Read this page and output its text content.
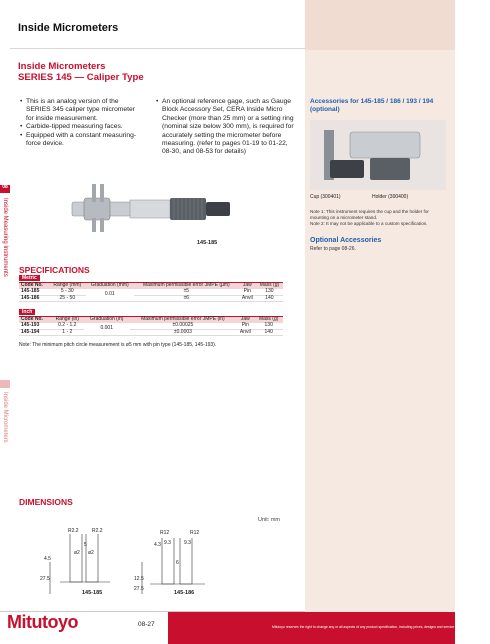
Inside Micrometers
Inside Micrometers
SERIES 145 — Caliper Type
• This is an analog version of the SERIES 345 caliper type micrometer for inside measurement.
• Carbide-tipped measuring faces.
• Equipped with a constant measuring-force device.
• An optional reference gage, such as Gauge Block Accessory Set, CERA Inside Micro Checker (more than 25 mm) or a setting ring (nominal size below 300 mm), is required for accurately setting the micrometer before measuring. (refer to pages 01-19 to 01-22, 08-30, and 08-53 for details)
08
Inside Measuring Instruments
Inside Micrometers
145-185
SPECIFICATIONS
Metric
Code No.	Range (mm)	Graduation (mm)	Maximum permissible error JMPE (µm)	Jaw	Mass (g)
145-185	5 - 30	0.01	±5	Pin	130
145-186	25 - 50		±6	Anvil	140
Inch
Code No.	Range (in)	Graduation (in)	Maximum permissible error JMPE (in)	Jaw	Mass (g)
145-193	0.2 - 1.2	0.001	±0.00025	Pin	130
145-194	1 - 2		±0.0003	Anvil	140
Note: The minimum pitch circle measurement is ø5 mm with pin type (145-185, 145-193).
DIMENSIONS
Unit: mm
R2.2	R2.2
5
ø2 ø2
4.5
27.5	12.5
R12	R12
4.3 9.3	9.3
6
27.5
145-185	145-186
Accessories for 145-185 / 186 / 193 / 194
(optional)
Cup (300401)	Holder (300400)
Note 1: This instrument requires the cup and the holder for mounting on a micrometer stand.
Note 2: It may not be applicable to a custom specification.
Optional Accessories
Refer to page 08-26.
Mitutoyo	08-27	Mitutoyo reserves the right to change any or all aspects of any product specification, including prices, designs and service content, without notice.
